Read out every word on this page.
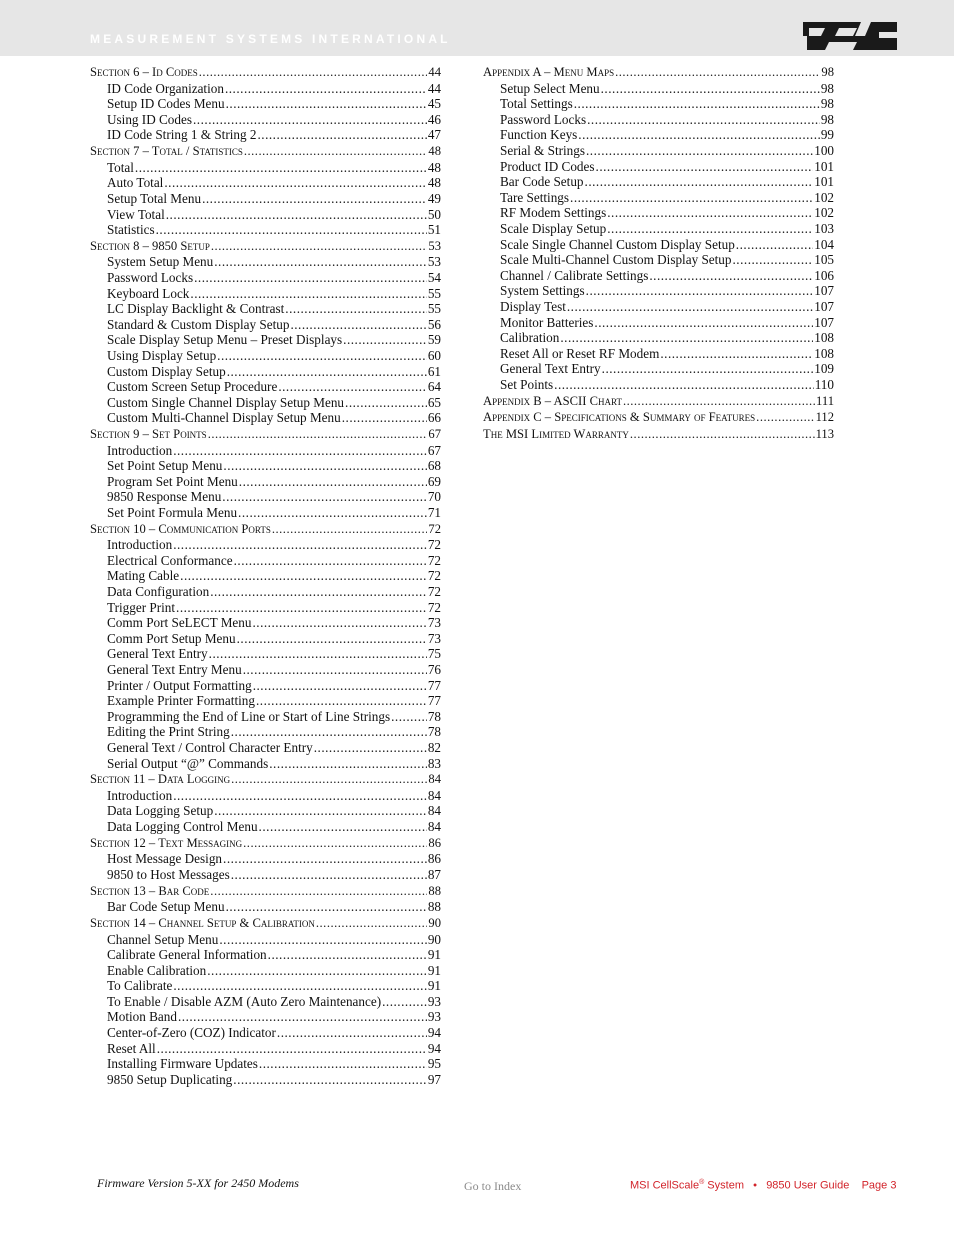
MEASUREMENT SYSTEMS INTERNATIONAL
Section 6 – Id Codes .....	44
ID Code Organization .....	44
Setup ID Codes Menu .....	45
Using ID Codes .....	46
ID Code String 1 & String 2 .....	47
Section 7 – Total / Statistics .....	48
Total .....	48
Auto Total .....	48
Setup Total Menu .....	49
View Total .....	50
Statistics .....	51
Section 8 – 9850 Setup .....	53
System Setup Menu .....	53
Password Locks .....	54
Keyboard Lock .....	55
LC Display Backlight & Contrast .....	55
Standard & Custom Display Setup .....	56
Scale Display Setup Menu – Preset Displays .....	59
Using Display Setup .....	60
Custom Display Setup .....	61
Custom Screen Setup Procedure .....	64
Custom Single Channel Display Setup Menu .....	65
Custom Multi-Channel Display Setup Menu .....	66
Section 9 – Set Points .....	67
Introduction .....	67
Set Point Setup Menu .....	68
Program Set Point Menu .....	69
9850 Response Menu .....	70
Set Point Formula Menu .....	71
Section 10 – Communication Ports .....	72
Introduction .....	72
Electrical Conformance .....	72
Mating Cable .....	72
Data Configuration .....	72
Trigger Print .....	72
Comm Port SeLECT Menu .....	73
Comm Port Setup Menu .....	73
General Text Entry .....	75
General Text Entry Menu .....	76
Printer / Output Formatting .....	77
Example Printer Formatting .....	77
Programming the End of Line or Start of Line Strings .....	78
Editing the Print String .....	78
General Text / Control Character Entry .....	82
Serial Output “@” Commands .....	83
Section 11 – Data Logging .....	84
Introduction .....	84
Data Logging Setup .....	84
Data Logging Control Menu .....	84
Section 12 – Text Messaging .....	86
Host Message Design .....	86
9850 to Host Messages .....	87
Section 13 – Bar Code .....	88
Bar Code Setup Menu .....	88
Section 14 – Channel Setup & Calibration .....	90
Channel Setup Menu .....	90
Calibrate General Information .....	91
Enable Calibration .....	91
To Calibrate .....	91
To Enable / Disable AZM (Auto Zero Maintenance) .....	93
Motion Band .....	93
Center-of-Zero (COZ) Indicator .....	94
Reset All .....	94
Installing Firmware Updates .....	95
9850 Setup Duplicating .....	97
Appendix A – Menu Maps .....	98
Setup Select Menu .....	98
Total Settings .....	98
Password Locks .....	98
Function Keys .....	99
Serial & Strings .....	100
Product ID Codes .....	101
Bar Code Setup .....	101
Tare Settings .....	102
RF Modem Settings .....	102
Scale Display Setup .....	103
Scale Single Channel Custom Display Setup .....	104
Scale Multi-Channel Custom Display Setup .....	105
Channel / Calibrate Settings .....	106
System Settings .....	107
Display Test .....	107
Monitor Batteries .....	107
Calibration .....	108
Reset All or Reset RF Modem .....	108
General Text Entry .....	109
Set Points .....	110
Appendix B – ASCII Chart .....	111
Appendix C – Specifications & Summary of Features .....	112
The MSI Limited Warranty .....	113
Firmware Version 5-XX for 2450 Modems	Go to Index	MSI CellScale® System • 9850 User Guide Page 3
